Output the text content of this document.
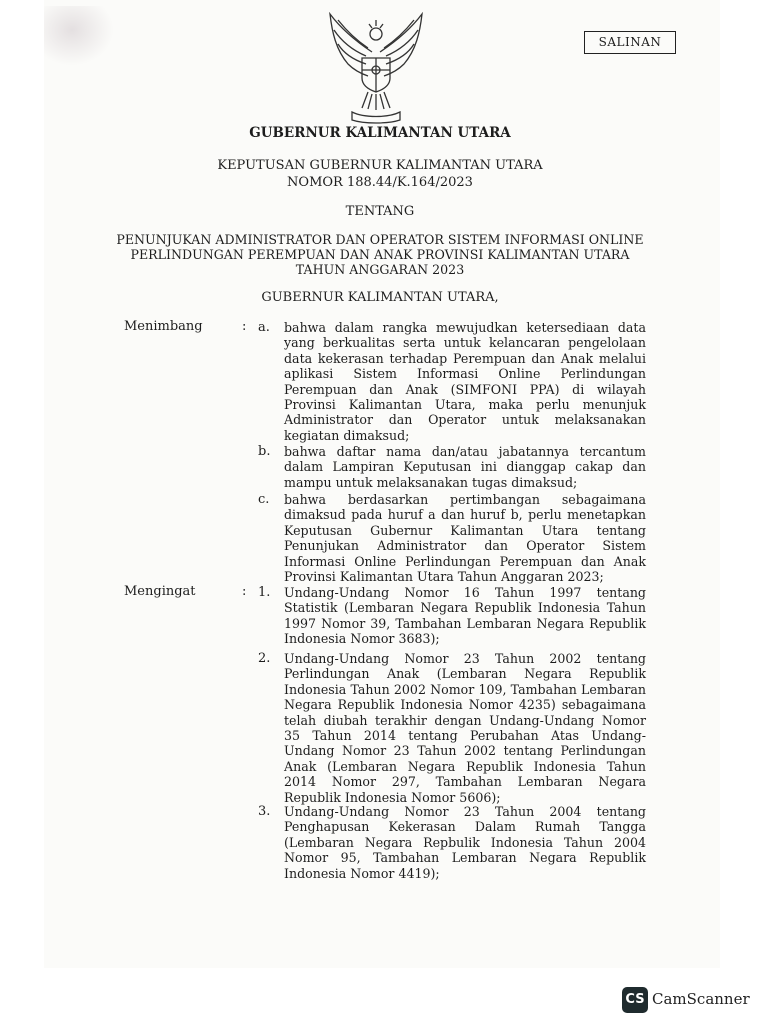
SALINAN
GUBERNUR KALIMANTAN UTARA
KEPUTUSAN GUBERNUR KALIMANTAN UTARA
NOMOR 188.44/K.164/2023
TENTANG
PENUNJUKAN ADMINISTRATOR DAN OPERATOR SISTEM INFORMASI ONLINE
PERLINDUNGAN PEREMPUAN DAN ANAK PROVINSI KALIMANTAN UTARA
TAHUN ANGGARAN 2023
GUBERNUR KALIMANTAN UTARA,
Menimbang	: a.	bahwa dalam rangka mewujudkan ketersediaan data yang berkualitas serta untuk kelancaran pengelolaan data kekerasan terhadap Perempuan dan Anak melalui aplikasi Sistem Informasi Online Perlindungan Perempuan dan Anak (SIMFONI PPA) di wilayah Provinsi Kalimantan Utara, maka perlu menunjuk Administrator dan Operator untuk melaksanakan kegiatan dimaksud;
b.	bahwa daftar nama dan/atau jabatannya tercantum dalam Lampiran Keputusan ini dianggap cakap dan mampu untuk melaksanakan tugas dimaksud;
c.	bahwa berdasarkan pertimbangan sebagaimana dimaksud pada huruf a dan huruf b, perlu menetapkan Keputusan Gubernur Kalimantan Utara tentang Penunjukan Administrator dan Operator Sistem Informasi Online Perlindungan Perempuan dan Anak Provinsi Kalimantan Utara Tahun Anggaran 2023;
Mengingat	: 1.	Undang-Undang Nomor 16 Tahun 1997 tentang Statistik (Lembaran Negara Republik Indonesia Tahun 1997 Nomor 39, Tambahan Lembaran Negara Republik Indonesia Nomor 3683);
2.	Undang-Undang Nomor 23 Tahun 2002 tentang Perlindungan Anak (Lembaran Negara Republik Indonesia Tahun 2002 Nomor 109, Tambahan Lembaran Negara Republik Indonesia Nomor 4235) sebagaimana telah diubah terakhir dengan Undang-Undang Nomor 35 Tahun 2014 tentang Perubahan Atas Undang-Undang Nomor 23 Tahun 2002 tentang Perlindungan Anak (Lembaran Negara Republik Indonesia Tahun 2014 Nomor 297, Tambahan Lembaran Negara Republik Indonesia Nomor 5606);
3.	Undang-Undang Nomor 23 Tahun 2004 tentang Penghapusan Kekerasan Dalam Rumah Tangga (Lembaran Negara Repbulik Indonesia Tahun 2004 Nomor 95, Tambahan Lembaran Negara Republik Indonesia Nomor 4419);
CS CamScanner
